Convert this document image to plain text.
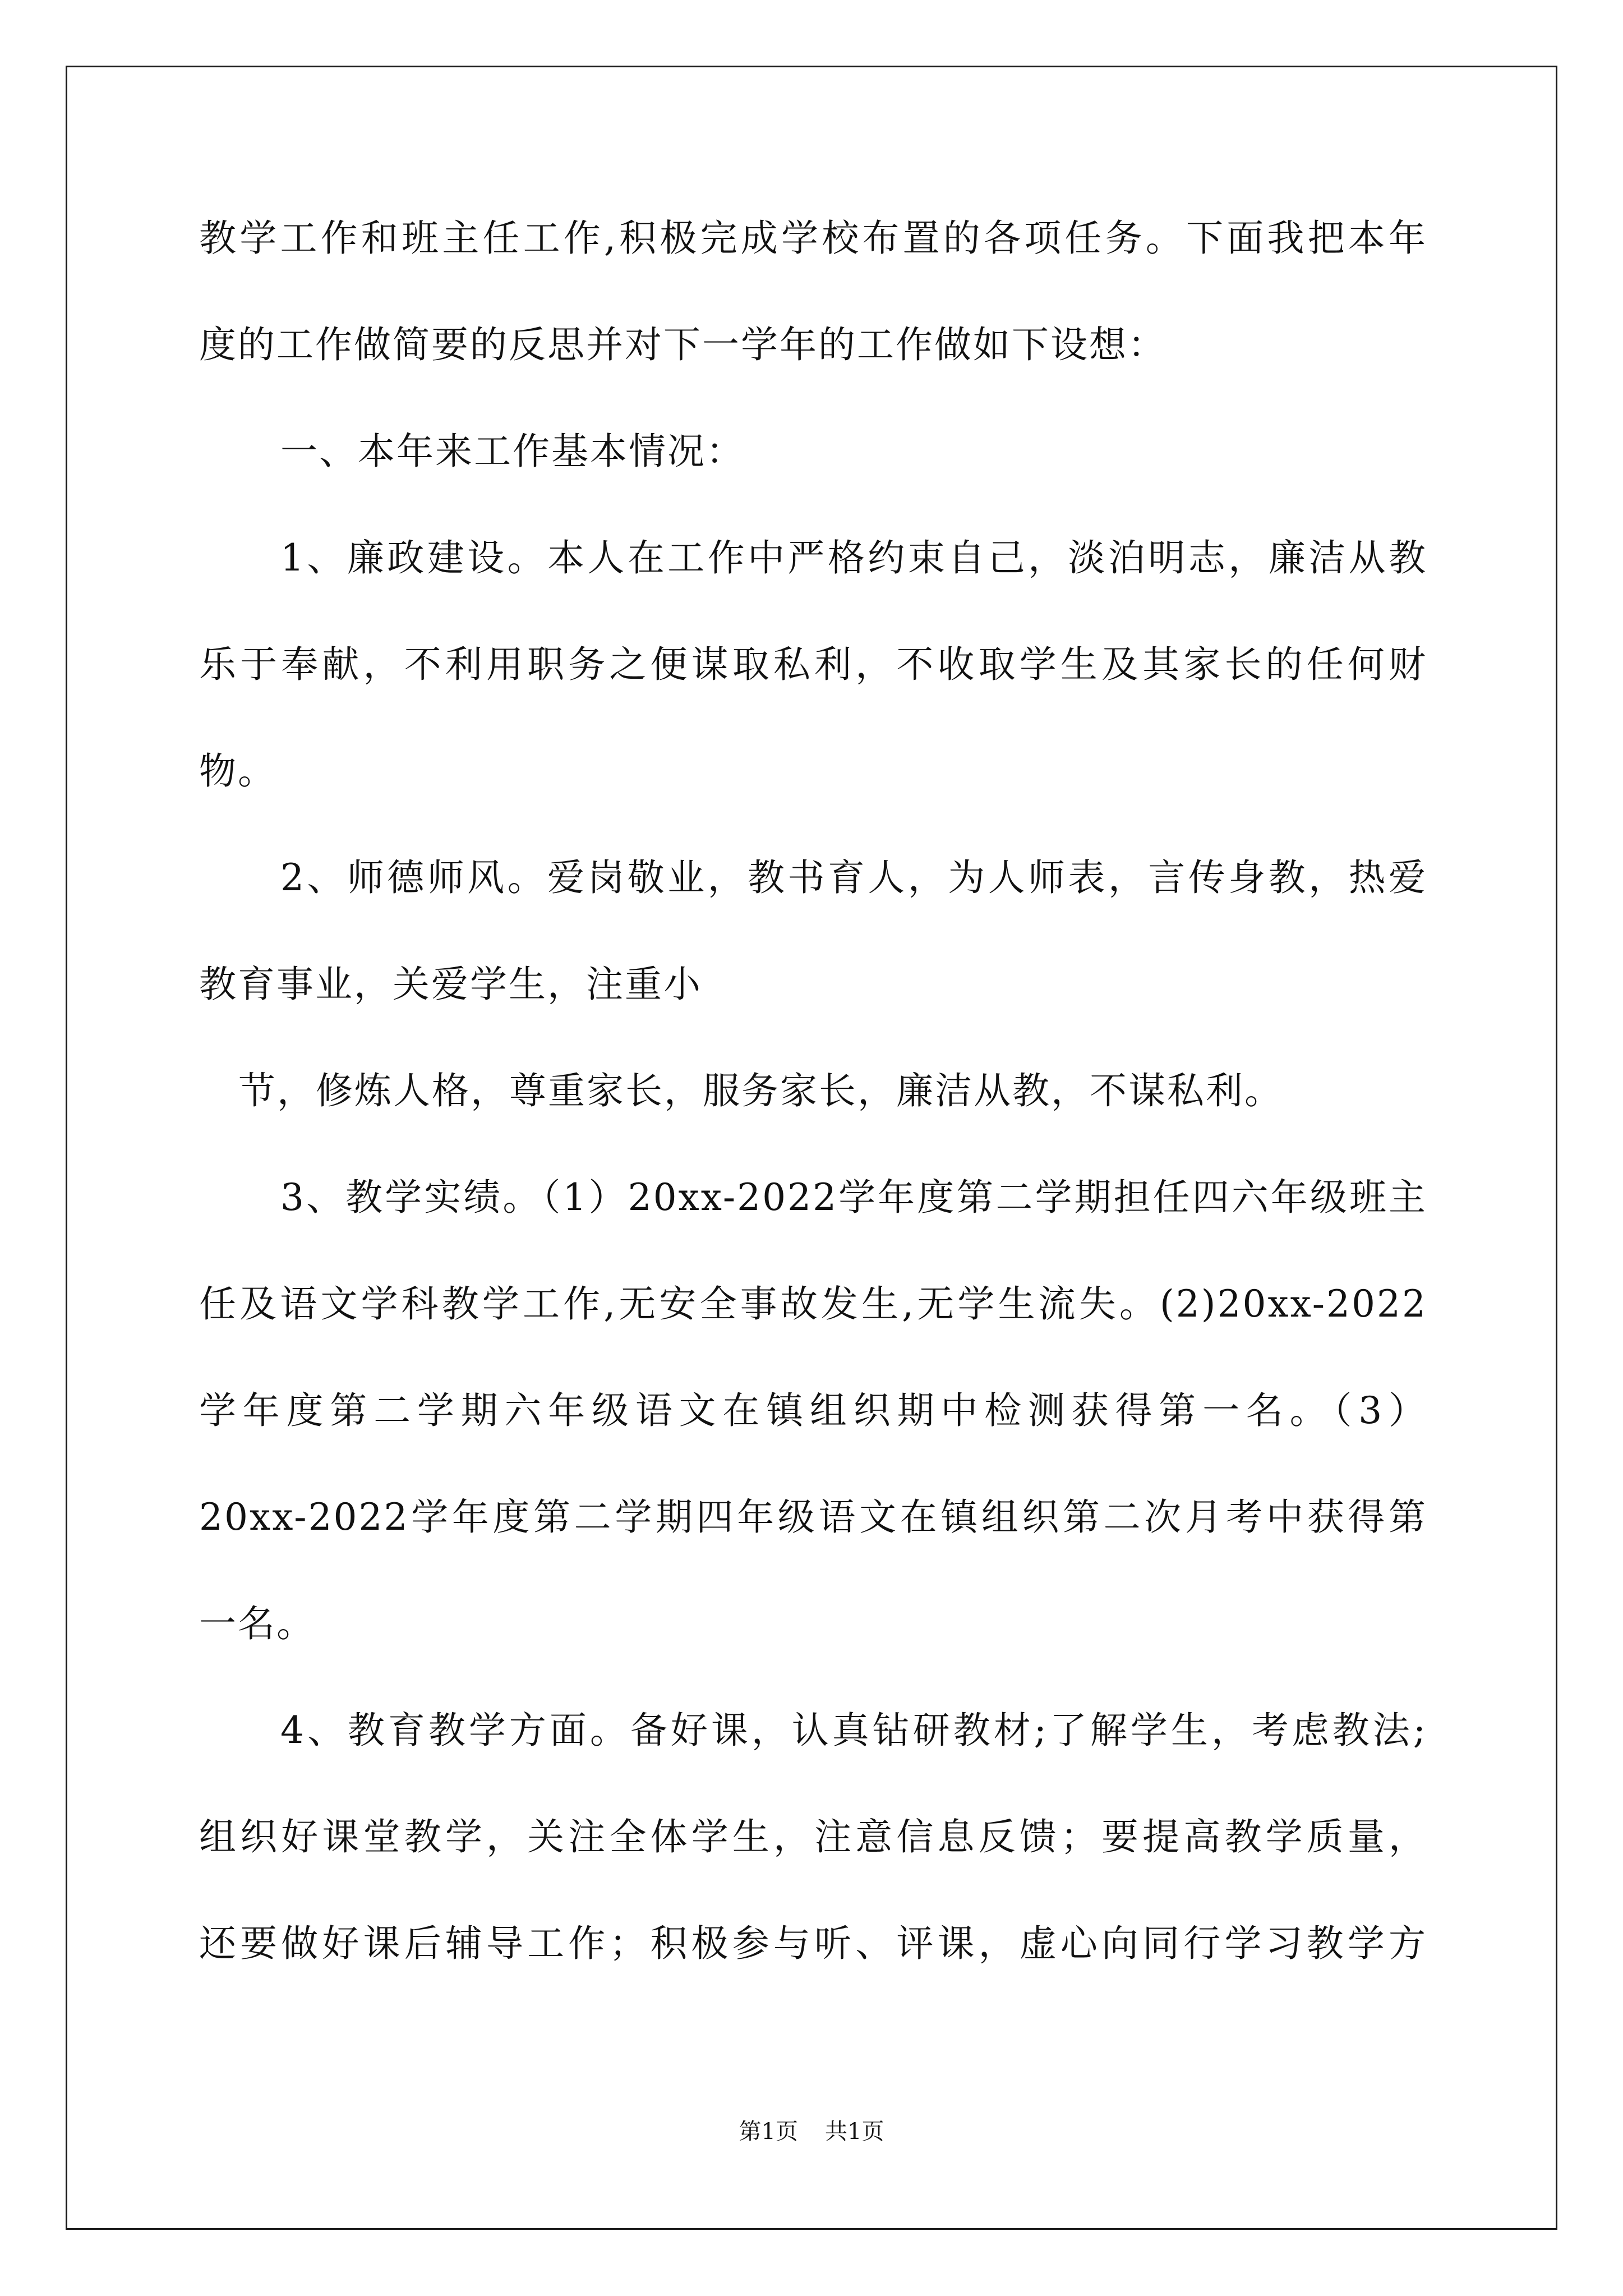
教学工作和班主任工作,积极完成学校布置的各项任务。下面我把本年
度的工作做简要的反思并对下一学年的工作做如下设想：
一、本年来工作基本情况：
1、廉政建设。本人在工作中严格约束自己，淡泊明志，廉洁从教
乐于奉献，不利用职务之便谋取私利，不收取学生及其家长的任何财
物。
2、师德师风。爱岗敬业，教书育人，为人师表，言传身教，热爱
教育事业，关爱学生，注重小
节，修炼人格，尊重家长，服务家长，廉洁从教，不谋私利。
3、教学实绩。（1）20xx-2022学年度第二学期担任四六年级班主
任及语文学科教学工作,无安全事故发生,无学生流失。(2)20xx-2022
学年度第二学期六年级语文在镇组织期中检测获得第一名。（3）
20xx-2022学年度第二学期四年级语文在镇组织第二次月考中获得第
一名。
4、教育教学方面。备好课，认真钻研教材;了解学生，考虑教法;
组织好课堂教学，关注全体学生，注意信息反馈；要提高教学质量，
还要做好课后辅导工作；积极参与听、评课，虚心向同行学习教学方
第1页 共1页
